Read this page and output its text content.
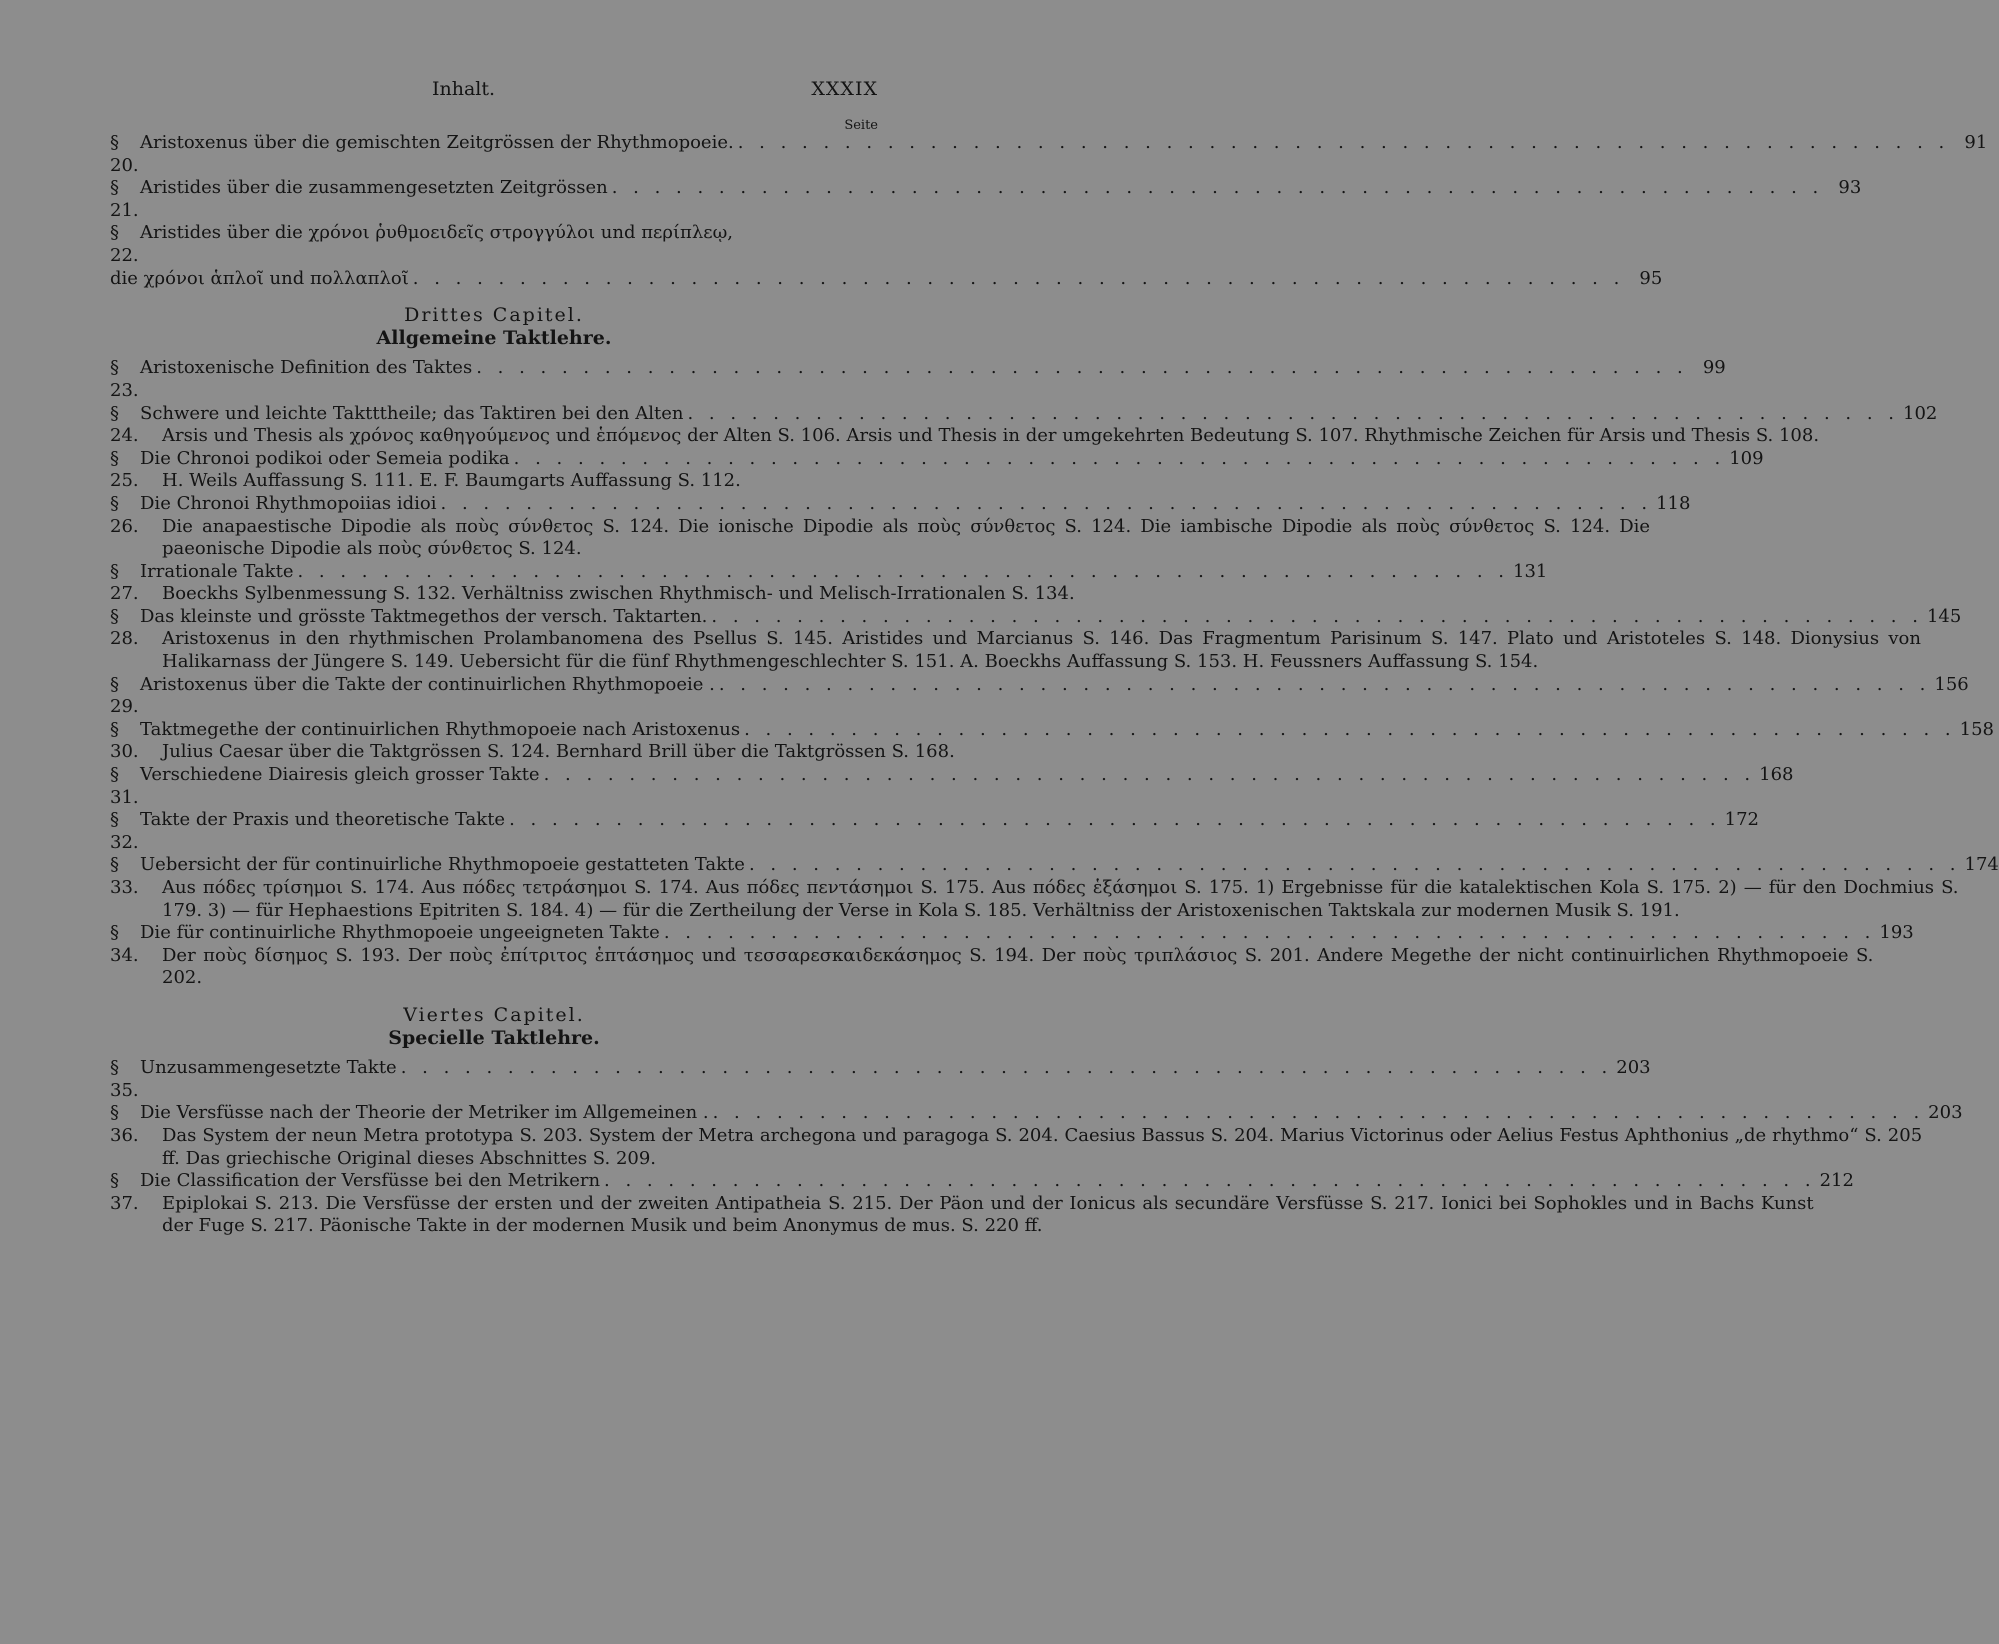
Inhalt.	XXXIX
Seite
§ 20.
Aristoxenus über die gemischten Zeitgrössen der Rhythmopoeie. . . .	91
§ 21.
Aristides über die zusammengesetzten Zeitgrössen . . .	93
§ 22.
Aristides über die χρόνοι ῥυθμοειδεῖς στρογγύλοι und περίπλεῳ,
die χρόνοι ἁπλοῖ und πολλαπλοῖ . . .	95
Drittes Capitel.
Allgemeine Taktlehre.
§ 23.
Aristoxenische Definition des Taktes . . .	99
§ 24.
Schwere und leichte Taktttheile; das Taktiren bei den Alten . . .	102
Arsis und Thesis als χρόνος καθηγούμενος und ἑπόμενος der Alten S. 106. Arsis und Thesis in der umgekehrten Bedeutung S. 107. Rhythmische Zeichen für Arsis und Thesis S. 108.
§ 25.
Die Chronoi podikoi oder Semeia podika . . .	109
H. Weils Auffassung S. 111. E. F. Baumgarts Auffassung S. 112.
§ 26.
Die Chronoi Rhythmopoiias idioi . . .	118
Die anapaestische Dipodie als ποὺς σύνθετος S. 124. Die ionische Dipodie als ποὺς σύνθετος S. 124. Die iambische Dipodie als ποὺς σύνθετος S. 124. Die paeonische Dipodie als ποὺς σύνθετος S. 124.
§ 27.
Irrationale Takte . . .	131
Boeckhs Sylbenmessung S. 132. Verhältniss zwischen Rhythmisch- und Melisch-Irrationalen S. 134.
§ 28.
Das kleinste und grösste Taktmegethos der versch. Taktarten. . . .	145
Aristoxenus in den rhythmischen Prolambanomena des Psellus S. 145. Aristides und Marcianus S. 146. Das Fragmentum Parisinum S. 147. Plato und Aristoteles S. 148. Dionysius von Halikarnass der Jüngere S. 149. Uebersicht für die fünf Rhythmengeschlechter S. 151. A. Boeckhs Auffassung S. 153. H. Feussners Auffassung S. 154.
§ 29.
Aristoxenus über die Takte der continuirlichen Rhythmopoeie . . . .	156
§ 30.
Taktmegethe der continuirlichen Rhythmopoeie nach Aristoxenus . . .	158
Julius Caesar über die Taktgrössen S. 124. Bernhard Brill über die Taktgrössen S. 168.
§ 31.
Verschiedene Diairesis gleich grosser Takte . . .	168
§ 32.
Takte der Praxis und theoretische Takte . . .	172
§ 33.
Uebersicht der für continuirliche Rhythmopoeie gestatteten Takte . . .	174
Aus πόδες τρίσημοι S. 174. Aus πόδες τετράσημοι S. 174. Aus πόδες πεντάσημοι S. 175. Aus πόδες ἑξάσημοι S. 175. 1) Ergebnisse für die katalektischen Kola S. 175. 2) — für den Dochmius S. 179. 3) — für Hephaestions Epitriten S. 184. 4) — für die Zertheilung der Verse in Kola S. 185. Verhältniss der Aristoxenischen Taktskala zur modernen Musik S. 191.
§ 34.
Die für continuirliche Rhythmopoeie ungeeigneten Takte . . .	193
Der ποὺς δίσημος S. 193. Der ποὺς ἐπίτριτος ἑπτάσημος und τεσσαρεσκαιδεκάσημος S. 194. Der ποὺς τριπλάσιος S. 201. Andere Megethe der nicht continuirlichen Rhythmopoeie S. 202.
Viertes Capitel.
Specielle Taktlehre.
§ 35.
Unzusammengesetzte Takte . . .	203
§ 36.
Die Versfüsse nach der Theorie der Metriker im Allgemeinen . . . .	203
Das System der neun Metra prototypa S. 203. System der Metra archegona und paragoga S. 204. Caesius Bassus S. 204. Marius Victorinus oder Aelius Festus Aphthonius „de rhythmo“ S. 205 ff. Das griechische Original dieses Abschnittes S. 209.
§ 37.
Die Classification der Versfüsse bei den Metrikern . . .	212
Epiplokai S. 213. Die Versfüsse der ersten und der zweiten Antipatheia S. 215. Der Päon und der Ionicus als secundäre Versfüsse S. 217. Ionici bei Sophokles und in Bachs Kunst der Fuge S. 217. Päonische Takte in der modernen Musik und beim Anonymus de mus. S. 220 ff.
